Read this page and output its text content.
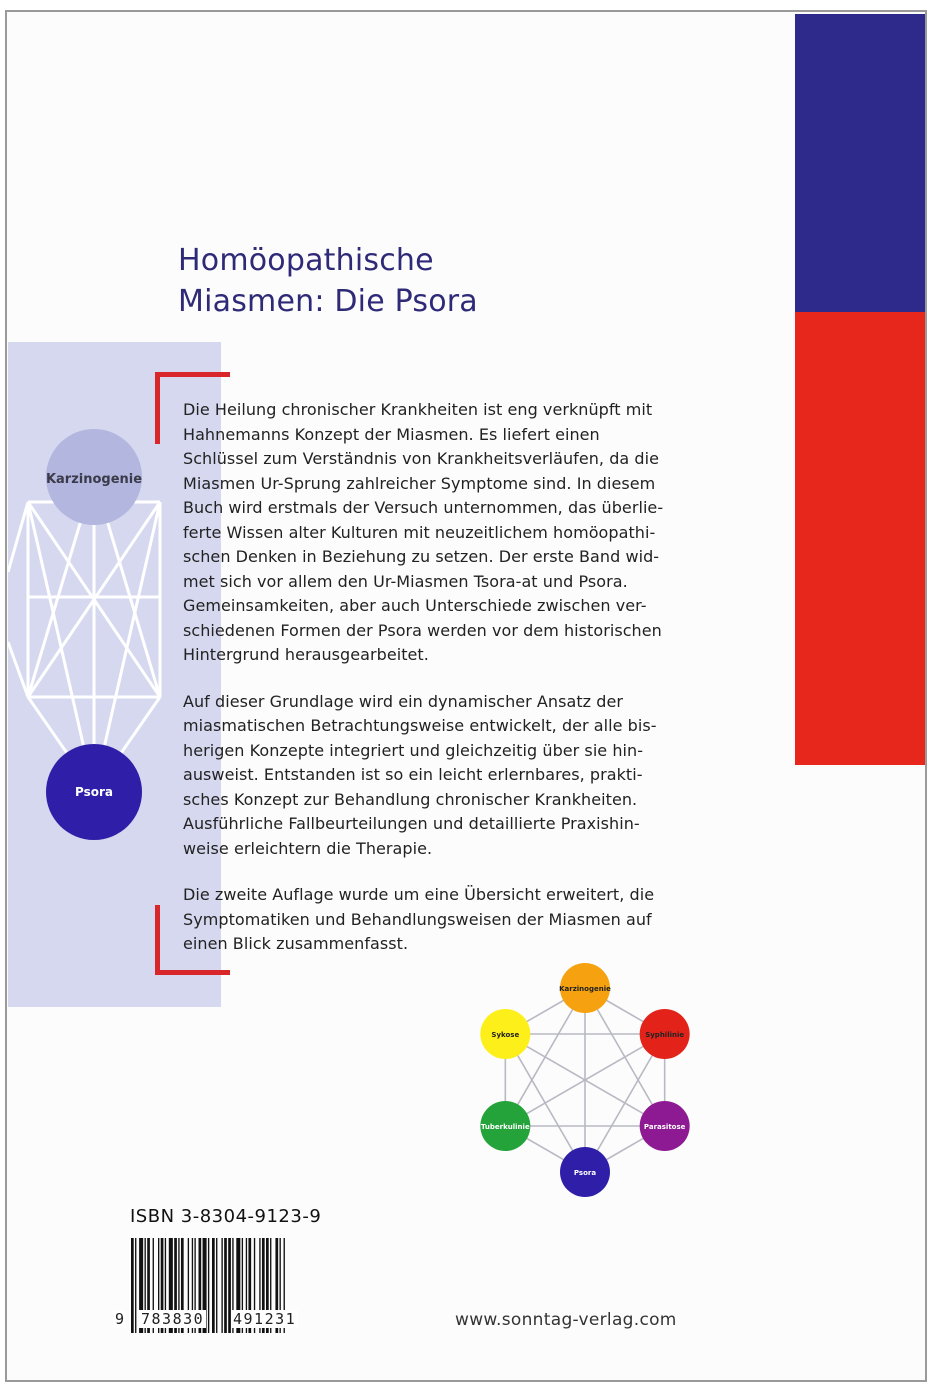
Homöopathische
Miasmen: Die Psora
Karzinogenie
Psora

Die Heilung chronischer Krankheiten ist eng verknüpft mit
Hahnemanns Konzept der Miasmen. Es liefert einen
Schlüssel zum Verständnis von Krankheitsverläufen, da die
Miasmen Ur-Sprung zahlreicher Symptome sind. In diesem
Buch wird erstmals der Versuch unternommen, das überlie-
ferte Wissen alter Kulturen mit neuzeitlichem homöopathi-
schen Denken in Beziehung zu setzen. Der erste Band wid-
met sich vor allem den Ur-Miasmen Tsora-at und Psora.
Gemeinsamkeiten, aber auch Unterschiede zwischen ver-
schiedenen Formen der Psora werden vor dem historischen
Hintergrund herausgearbeitet.

Auf dieser Grundlage wird ein dynamischer Ansatz der
miasmatischen Betrachtungsweise entwickelt, der alle bis-
herigen Konzepte integriert und gleichzeitig über sie hin-
ausweist. Entstanden ist so ein leicht erlernbares, prakti-
sches Konzept zur Behandlung chronischer Krankheiten.
Ausführliche Fallbeurteilungen und detaillierte Praxishin-
weise erleichtern die Therapie.

Die zweite Auflage wurde um eine Übersicht erweitert, die
Symptomatiken und Behandlungsweisen der Miasmen auf
einen Blick zusammenfasst.

Karzinogenie
Syphilinie
Parasitose
Psora
Tuberkulinie
Sykose
ISBN 3-8304-9123-9
9 783830 491231	www.sonntag-verlag.com
